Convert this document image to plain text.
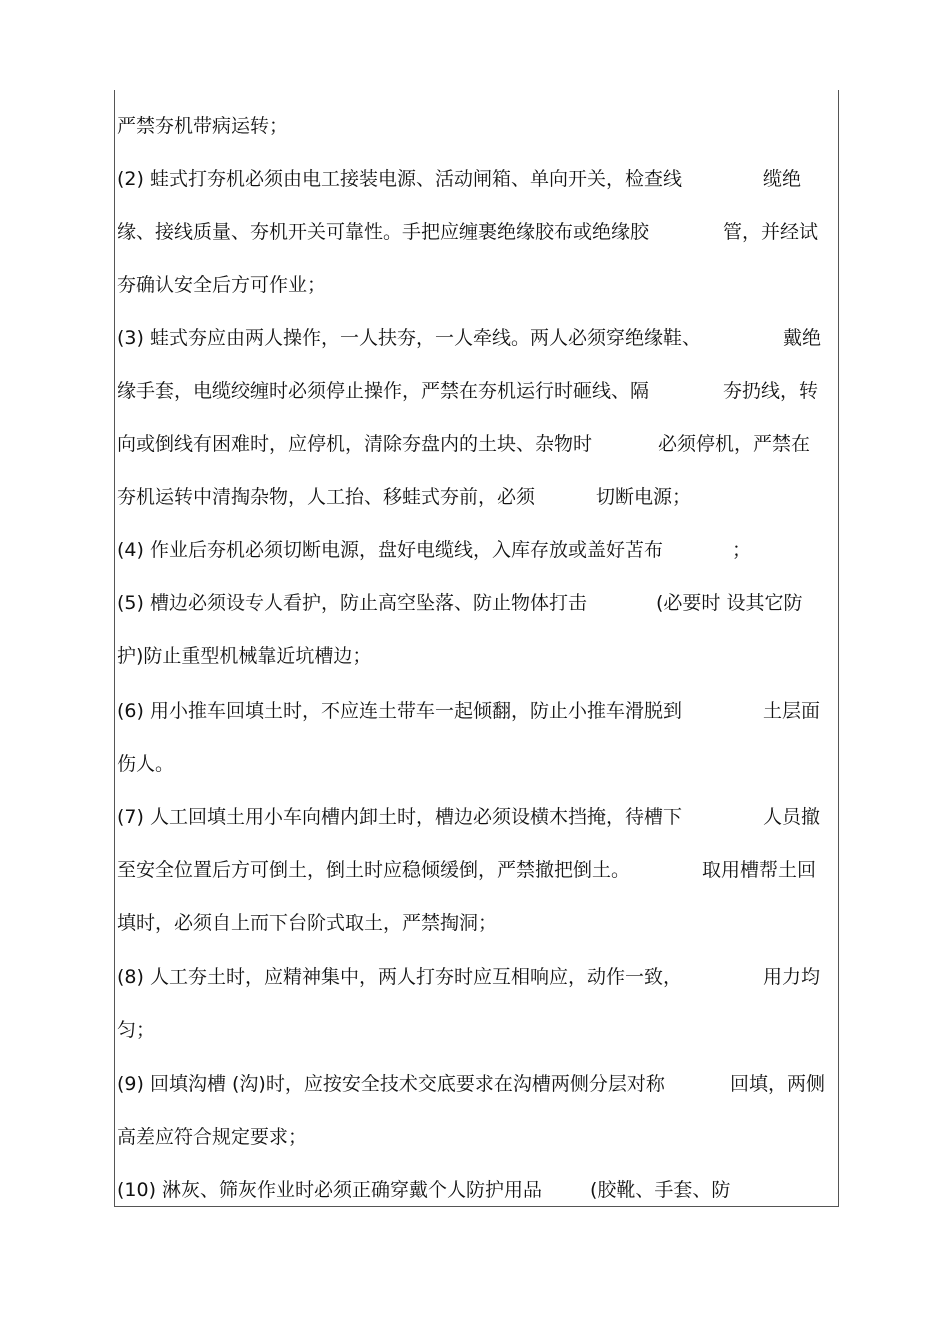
严禁夯机带病运转；
(2) 蛙式打夯机必须由电工接装电源、活动闸箱、单向开关，检查线	缆绝
缘、接线质量、夯机开关可靠性。手把应缠裹绝缘胶布或绝缘胶	管，并经试
夯确认安全后方可作业；
(3) 蛙式夯应由两人操作，一人扶夯，一人牵线。两人必须穿绝缘鞋、	戴绝
缘手套，电缆绞缠时必须停止操作，严禁在夯机运行时砸线、隔	夯扔线，转
向或倒线有困难时，应停机，清除夯盘内的土块、杂物时	必须停机，严禁在
夯机运转中清掏杂物，人工抬、移蛙式夯前，必须	切断电源；
(4) 作业后夯机必须切断电源，盘好电缆线，入库存放或盖好苫布	；
(5) 槽边必须设专人看护，防止高空坠落、防止物体打击	(必要时 设其它防
护)防止重型机械靠近坑槽边；
(6) 用小推车回填土时，不应连土带车一起倾翻，防止小推车滑脱到	土层面
伤人。
(7) 人工回填土用小车向槽内卸土时，槽边必须设横木挡掩，待槽下	人员撤
至安全位置后方可倒土，倒土时应稳倾缓倒，严禁撤把倒土。	取用槽帮土回
填时，必须自上而下台阶式取土，严禁掏洞；
(8) 人工夯土时，应精神集中，两人打夯时应互相响应，动作一致，	用力均
匀；
(9) 回填沟槽 (沟)时，应按安全技术交底要求在沟槽两侧分层对称	回填，两侧
高差应符合规定要求；
(10) 淋灰、筛灰作业时必须正确穿戴个人防护用品	(胶靴、手套、防
